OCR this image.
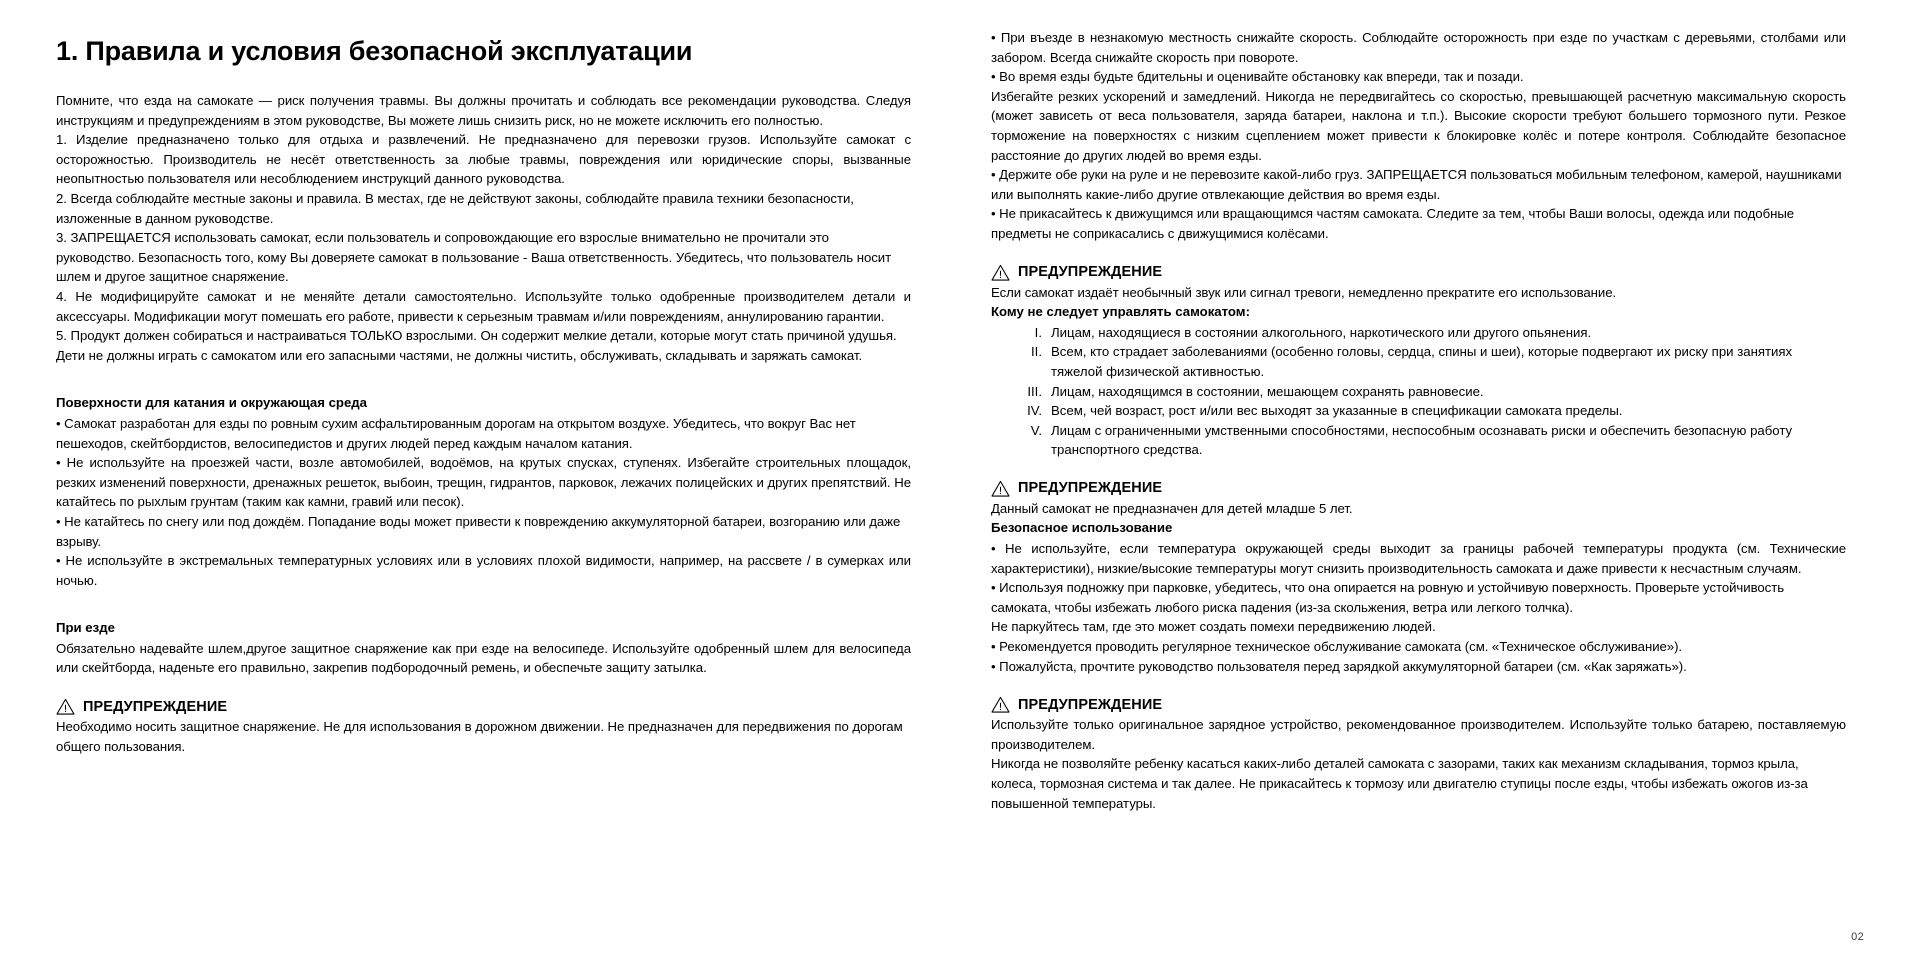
1. Правила и условия безопасной эксплуатации

Помните, что езда на самокате — риск получения травмы. Вы должны прочитать и соблюдать все рекомендации руководства. Следуя инструкциям и предупреждениям в этом руководстве, Вы можете лишь снизить риск, но не можете исключить его полностью.

1. Изделие предназначено только для отдыха и развлечений. Не предназначено для перевозки грузов. Используйте самокат с осторожностью. Производитель не несёт ответственность за любые травмы, повреждения или юридические споры, вызванные неопытностью пользователя или несоблюдением инструкций данного руководства.

2. Всегда соблюдайте местные законы и правила. В местах, где не действуют законы, соблюдайте правила техники безопасности, изложенные в данном руководстве.

3. ЗАПРЕЩАЕТСЯ использовать самокат, если пользователь и сопровождающие его взрослые внимательно не прочитали это руководство. Безопасность того, кому Вы доверяете самокат в пользование - Ваша ответственность. Убедитесь, что пользователь носит шлем и другое защитное снаряжение.

4. Не модифицируйте самокат и не меняйте детали самостоятельно. Используйте только одобренные производителем детали и аксессуары. Модификации могут помешать его работе, привести к серьезным травмам и/или повреждениям, аннулированию гарантии.

5. Продукт должен собираться и настраиваться ТОЛЬКО взрослыми. Он содержит мелкие детали, которые могут стать причиной удушья. Дети не должны играть с самокатом или его запасными частями, не должны чистить, обслуживать, складывать и заряжать самокат.

Поверхности для катания и окружающая среда

• Самокат разработан для езды по ровным сухим асфальтированным дорогам на открытом воздухе. Убедитесь, что вокруг Вас нет пешеходов, скейтбордистов, велосипедистов и других людей перед каждым началом катания.

• Не используйте на проезжей части, возле автомобилей, водоёмов, на крутых спусках, ступенях. Избегайте строительных площадок, резких изменений поверхности, дренажных решеток, выбоин, трещин, гидрантов, парковок, лежачих полицейских и других препятствий. Не катайтесь по рыхлым грунтам (таким как камни, гравий или песок).

• Не катайтесь по снегу или под дождём. Попадание воды может привести к повреждению аккумуляторной батареи, возгоранию или даже взрыву.

• Не используйте в экстремальных температурных условиях или в условиях плохой видимости, например, на рассвете / в сумерках или ночью.

При езде

Обязательно надевайте шлем,другое защитное снаряжение как при езде на велосипеде. Используйте одобренный шлем для велосипеда или скейтборда, наденьте его правильно, закрепив подбородочный ремень, и обеспечьте защиту затылка.

ПРЕДУПРЕЖДЕНИЕ

Необходимо носить защитное снаряжение. Не для использования в дорожном движении. Не предназначен для передвижения по дорогам общего пользования.

• При въезде в незнакомую местность снижайте скорость. Соблюдайте осторожность при езде по участкам с деревьями, столбами или забором. Всегда снижайте скорость при повороте.

• Во время езды будьте бдительны и оценивайте обстановку как впереди, так и позади.

Избегайте резких ускорений и замедлений. Никогда не передвигайтесь со скоростью, превышающей расчетную максимальную скорость (может зависеть от веса пользователя, заряда батареи, наклона и т.п.). Высокие скорости требуют большего тормозного пути. Резкое торможение на поверхностях с низким сцеплением может привести к блокировке колёс и потере контроля. Соблюдайте безопасное расстояние до других людей во время езды.

• Держите обе руки на руле и не перевозите какой-либо груз. ЗАПРЕЩАЕТСЯ пользоваться мобильным телефоном, камерой, наушниками или выполнять какие-либо другие отвлекающие действия во время езды.

• Не прикасайтесь к движущимся или вращающимся частям самоката. Следите за тем, чтобы Ваши волосы, одежда или подобные предметы не соприкасались с движущимися колёсами.

ПРЕДУПРЕЖДЕНИЕ

Если самокат издаёт необычный звук или сигнал тревоги, немедленно прекратите его использование.

Кому не следует управлять самокатом:
I. Лицам, находящиеся в состоянии алкогольного, наркотического или другого опьянения.
II. Всем, кто страдает заболеваниями (особенно головы, сердца, спины и шеи), которые подвергают их риску при занятиях тяжелой физической активностью.
III. Лицам, находящимся в состоянии, мешающем сохранять равновесие.
IV. Всем, чей возраст, рост и/или вес выходят за указанные в спецификации самоката пределы.
V. Лицам с ограниченными умственными способностями, неспособным осознавать риски и обеспечить безопасную работу транспортного средства.
ПРЕДУПРЕЖДЕНИЕ

Данный самокат не предназначен для детей младше 5 лет.

Безопасное использование

• Не используйте, если температура окружающей среды выходит за границы рабочей температуры продукта (см. Технические характеристики), низкие/высокие температуры могут снизить производительность самоката и даже привести к несчастным случаям.

• Используя подножку при парковке, убедитесь, что она опирается на ровную и устойчивую поверхность. Проверьте устойчивость самоката, чтобы избежать любого риска падения (из-за скольжения, ветра или легкого толчка).

Не паркуйтесь там, где это может создать помехи передвижению людей.

• Рекомендуется проводить регулярное техническое обслуживание самоката (см. «Техническое обслуживание»).

• Пожалуйста, прочтите руководство пользователя перед зарядкой аккумуляторной батареи (см. «Как заряжать»).

ПРЕДУПРЕЖДЕНИЕ

Используйте только оригинальное зарядное устройство, рекомендованное производителем. Используйте только батарею, поставляемую производителем.

Никогда не позволяйте ребенку касаться каких-либо деталей самоката с зазорами, таких как механизм складывания, тормоз крыла, колеса, тормозная система и так далее. Не прикасайтесь к тормозу или двигателю ступицы после езды, чтобы избежать ожогов из-за повышенной температуры.

02
